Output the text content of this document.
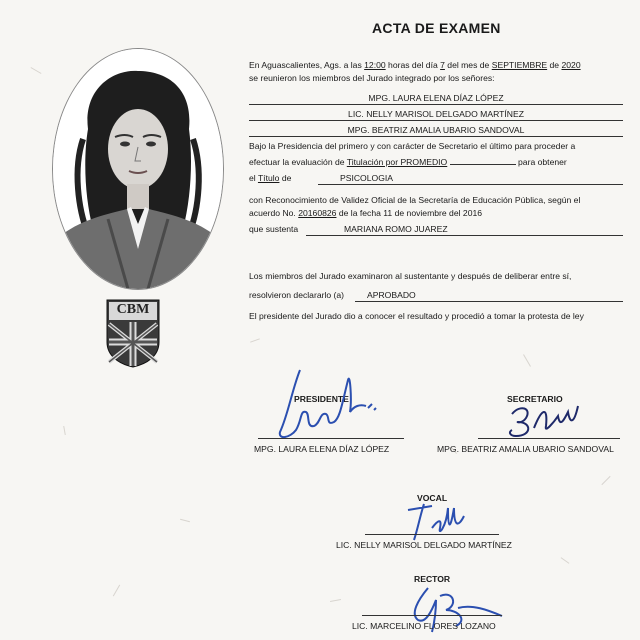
ACTA DE EXAMEN
CBM
En Aguascalientes, Ags. a las 12:00 horas del día 7 del mes de SEPTIEMBRE de 2020
se reunieron los miembros del Jurado integrado por los señores:
MPG. LAURA ELENA DÍAZ LÓPEZ
LIC. NELLY MARISOL DELGADO MARTÍNEZ
MPG. BEATRIZ AMALIA UBARIO SANDOVAL
Bajo la Presidencia del primero y con carácter de Secretario el último para proceder a
efectuar la evaluación de Titulación por PROMEDIO	para obtener
el Título de	PSICOLOGIA
con Reconocimiento de Validez Oficial de la Secretaría de Educación Pública, según el
acuerdo No. 20160826 de la fecha 11 de noviembre del 2016
que sustenta	MARIANA ROMO JUAREZ
Los miembros del Jurado examinaron al sustentante y después de deliberar entre sí,
resolvieron declararlo (a)	APROBADO
El presidente del Jurado dio a conocer el resultado y procedió a tomar la protesta de ley
PRESIDENTE
MPG. LAURA ELENA DÍAZ LÓPEZ
SECRETARIO
MPG. BEATRIZ AMALIA UBARIO SANDOVAL
VOCAL
LIC. NELLY MARISOL DELGADO MARTÍNEZ
RECTOR
LIC. MARCELINO FLORES LOZANO
